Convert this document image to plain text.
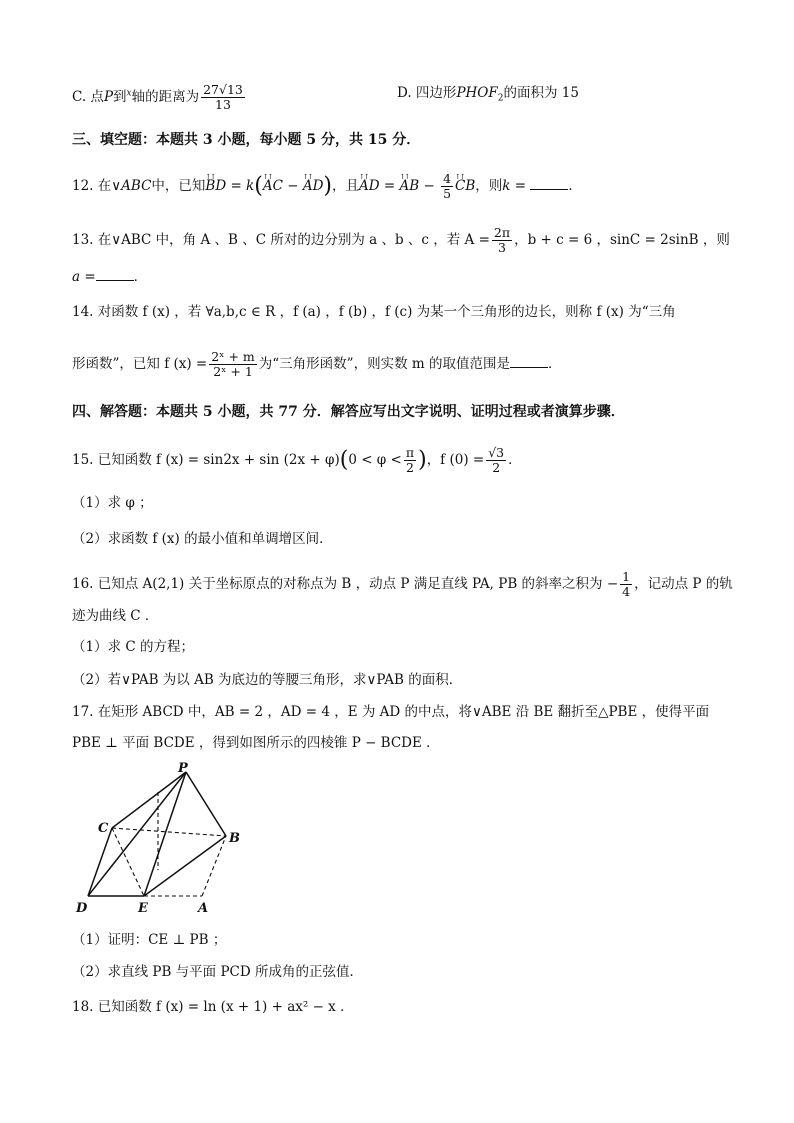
C. 点P到$^x$轴的距离为 $\frac{27√13}{13}$	D. 四边形$PHOF_2$的面积为 15
三、填空题：本题共 3 小题，每小题 5 分，共 15 分．
12. 在∨ABC中，已知↑↑ BD = k(↑↑ AC − ↑↑ AD)，且↑↑ AD = ↑↑ AB − $\frac{4}{5}$
↑↑ CB，则k =	．
13. 在∨ABC 中，角 A 、B 、C 所对的边分别为 a 、b 、c ，若 $A = \frac{2\pi}{3}$ ，b + c = 6 ，sinC = 2sinB ，则
a =	．
14. 对函数 f (x) ，若 ∀a,b,c ∈ R ，f (a) ，f (b) ，f (c) 为某一个三角形的边长，则称 f (x) 为“三角
形函数”，已知 f $(x) = \frac{\text{2ˣ + m}}{\text{2ˣ + 1}}$ 为“三角形函数”，则实数 m 的取值范围是	．
四、解答题：本题共 5 小题，共 77 分．解答应写出文字说明、证明过程或者演算步骤．
15. 已知函数 f $(x) = \sin 2x + \sin (2x + \varphi)(0 < \varphi < \frac{\pi}{2}$ )，f $(0) = \frac{√3}{2}$ ．
（1）求 φ ；
（2）求函数 f (x) 的最小值和单调增区间．
16. 已知点 A(2,1) 关于坐标原点的对称点为 B ，动点 P 满足直线 PA, PB 的斜率之积为 − $\frac{1}{4}$ ，记动点 P 的轨
迹为曲线 C ．
（1）求 C 的方程；
（2）若∨PAB 为以 AB 为底边的等腰三角形，求∨PAB 的面积．
17. 在矩形 ABCD 中，AB = 2 ，AD = 4 ，E 为 AD 的中点，将∨ABE 沿 BE 翻折至△PBE ，使得平面
PBE ⊥ 平面 BCDE ，得到如图所示的四棱锥 P − BCDE ．
P
C
B
D	E	A
（1）证明：CE ⊥ PB ；
（2）求直线 PB 与平面 PCD 所成角的正弦值．
18. 已知函数 f (x) = ln (x + 1) + ax² − x ．
